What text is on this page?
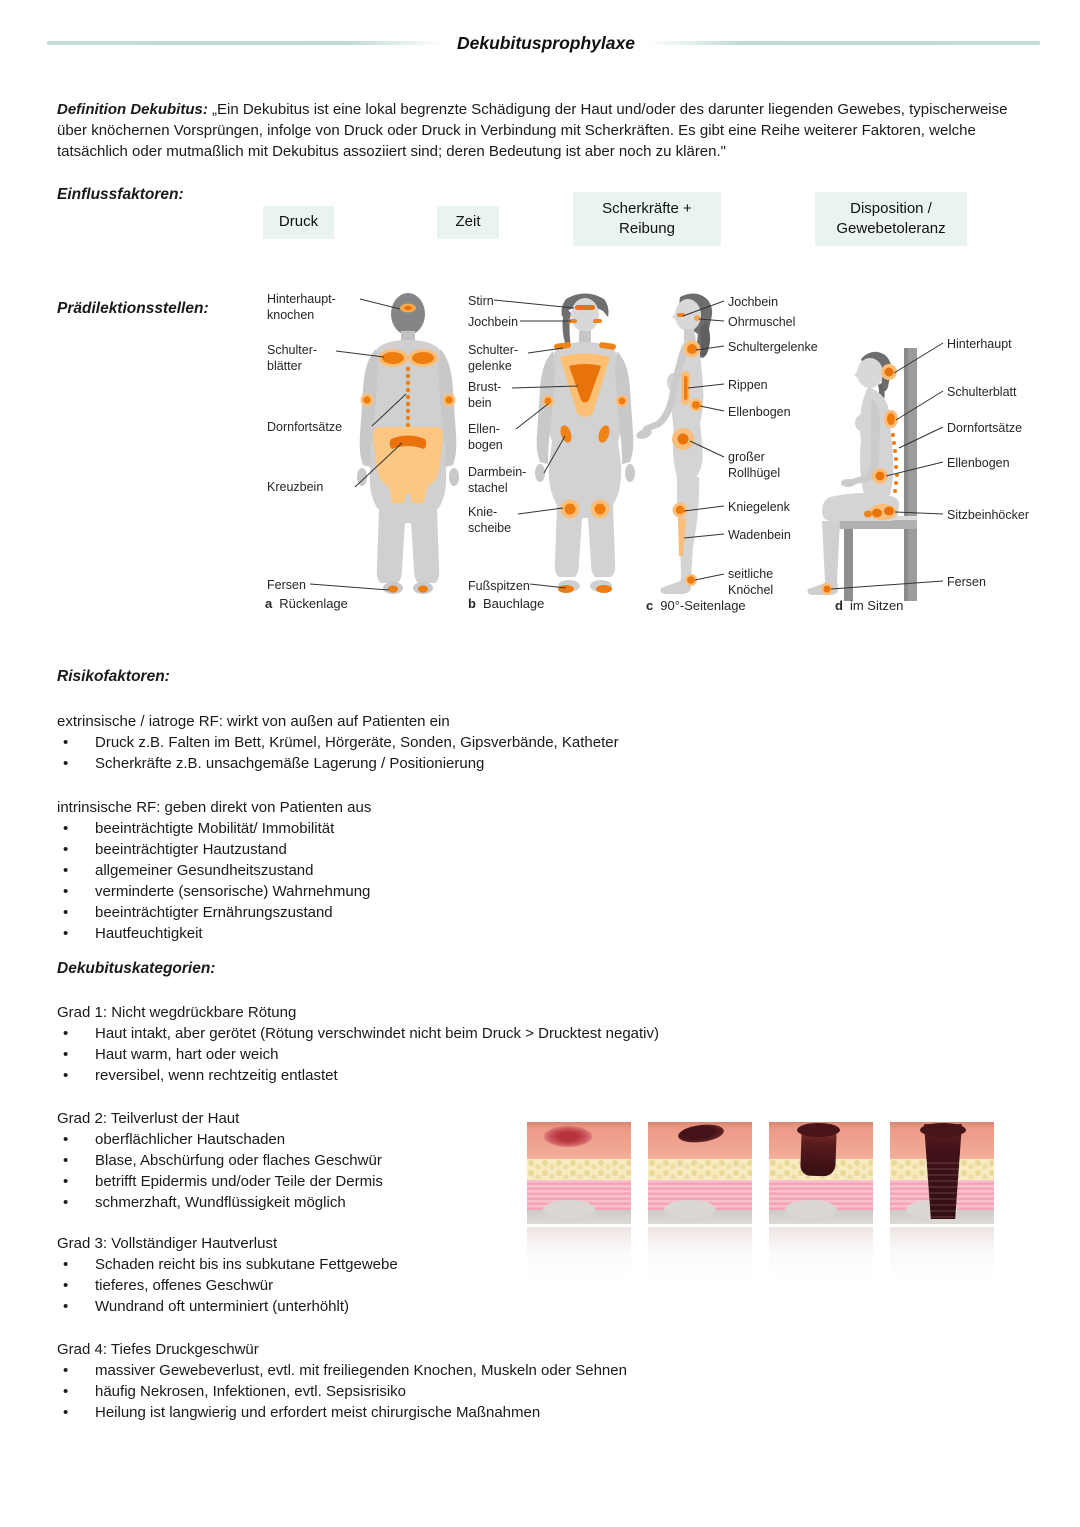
Dekubitusprophylaxe

Definition Dekubitus: „Ein Dekubitus ist eine lokal begrenzte Schädigung der Haut und/oder des darunter liegenden Gewebes, typischerweise über knöchernen Vorsprüngen, infolge von Druck oder Druck in Verbindung mit Scherkräften. Es gibt eine Reihe weiterer Faktoren, welche tatsächlich oder mutmaßlich mit Dekubitus assoziiert sind; deren Bedeutung ist aber noch zu klären."

Einflussfaktoren:
Druck	Zeit
Scherkräfte + Reibung
Disposition / Gewebetoleranz
Prädilektionsstellen:
Hinterhaupt-knochen
Schulter-blätter
Dornfortsätze
Kreuzbein
Fersen
a Rückenlage
Stirn
Jochbein
Schulter-gelenke
Brust-bein
Ellen-bogen
Darmbein-stachel
Knie-scheibe
Fußspitzen
b Bauchlage
Jochbein
Ohrmuschel
Schultergelenke
Rippen
Ellenbogen
großer Rollhügel
Kniegelenk
Wadenbein
seitliche Knöchel
c 90°-Seitenlage
Hinterhaupt
Schulterblatt
Dornfortsätze
Ellenbogen
Sitzbeinhöcker
Fersen
d im Sitzen
Risikofaktoren:
extrinsische / iatroge RF: wirkt von außen auf Patienten ein
•	Druck z.B. Falten im Bett, Krümel, Hörgeräte, Sonden, Gipsverbände, Katheter
•	Scherkräfte z.B. unsachgemäße Lagerung / Positionierung
intrinsische RF: geben direkt von Patienten aus
•	beeinträchtigte Mobilität/ Immobilität
•	beeinträchtigter Hautzustand
•	allgemeiner Gesundheitszustand
•	verminderte (sensorische) Wahrnehmung
•	beeinträchtigter Ernährungszustand
•	Hautfeuchtigkeit
Dekubituskategorien:
Grad 1: Nicht wegdrückbare Rötung
•	Haut intakt, aber gerötet (Rötung verschwindet nicht beim Druck > Drucktest negativ)
•	Haut warm, hart oder weich
•	reversibel, wenn rechtzeitig entlastet
Grad 2: Teilverlust der Haut
•	oberflächlicher Hautschaden
•	Blase, Abschürfung oder flaches Geschwür
•	betrifft Epidermis und/oder Teile der Dermis
•	schmerzhaft, Wundflüssigkeit möglich
Grad 3: Vollständiger Hautverlust
•	Schaden reicht bis ins subkutane Fettgewebe
•	tieferes, offenes Geschwür
•	Wundrand oft unterminiert (unterhöhlt)
Grad 4: Tiefes Druckgeschwür
•	massiver Gewebeverlust, evtl. mit freiliegenden Knochen, Muskeln oder Sehnen
•	häufig Nekrosen, Infektionen, evtl. Sepsisrisiko
•	Heilung ist langwierig und erfordert meist chirurgische Maßnahmen
